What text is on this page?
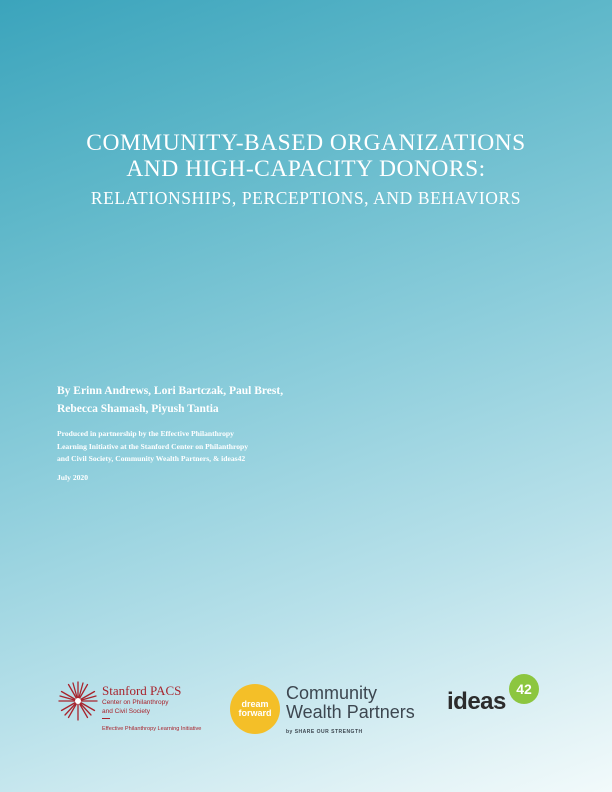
COMMUNITY-BASED ORGANIZATIONS
AND HIGH-CAPACITY DONORS:
RELATIONSHIPS, PERCEPTIONS, AND BEHAVIORS
By Erinn Andrews, Lori Bartczak, Paul Brest,
Rebecca Shamash, Piyush Tantia
Produced in partnership by the Effective Philanthropy
Learning Initiative at the Stanford Center on Philanthropy
and Civil Society, Community Wealth Partners, & ideas42
July 2020
Stanford PACS
Center on Philanthropy
and Civil Society
Effective Philanthropy Learning Initiative
dream
forward
Community
Wealth Partners
by SHARE OUR STRENGTH
ideas 42
